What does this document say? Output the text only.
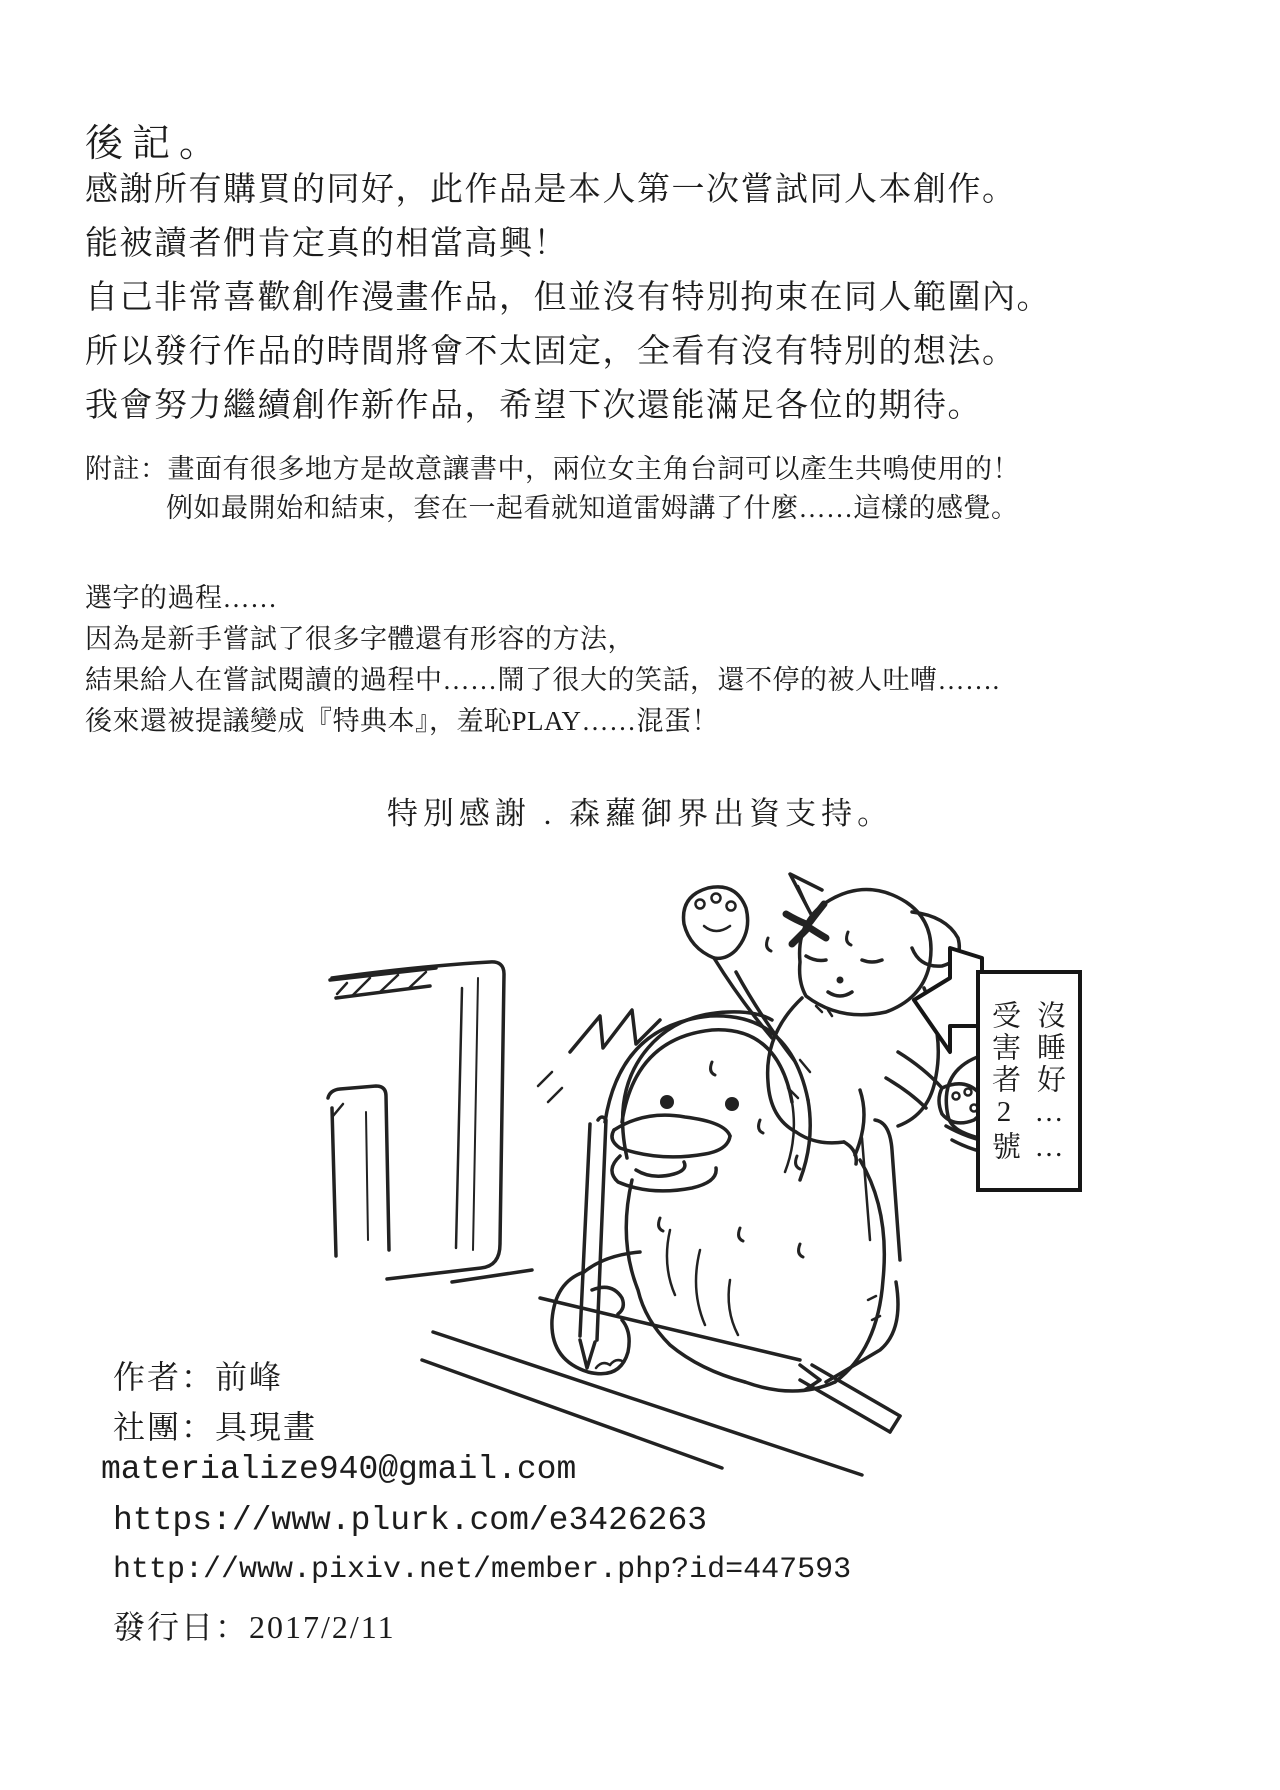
後記。
感謝所有購買的同好，此作品是本人第一次嘗試同人本創作。
能被讀者們肯定真的相當高興！
自己非常喜歡創作漫畫作品，但並沒有特別拘束在同人範圍內。
所以發行作品的時間將會不太固定，全看有沒有特別的想法。
我會努力繼續創作新作品，希望下次還能滿足各位的期待。
附註：畫面有很多地方是故意讓書中，兩位女主角台詞可以產生共鳴使用的！
例如最開始和結束，套在一起看就知道雷姆講了什麼……這樣的感覺。
選字的過程……
因為是新手嘗試了很多字體還有形容的方法，
結果給人在嘗試閱讀的過程中……鬧了很大的笑話，還不停的被人吐嘈…….
後來還被提議變成『特典本』，羞恥PLAY……混蛋！
特別感謝 . 森蘿御界出資支持。
沒睡好……
受害者2號
作者：前峰
社團：具現畫
materialize940@gmail.com
https://www.plurk.com/e3426263
http://www.pixiv.net/member.php?id=447593
發行日：2017/2/11
